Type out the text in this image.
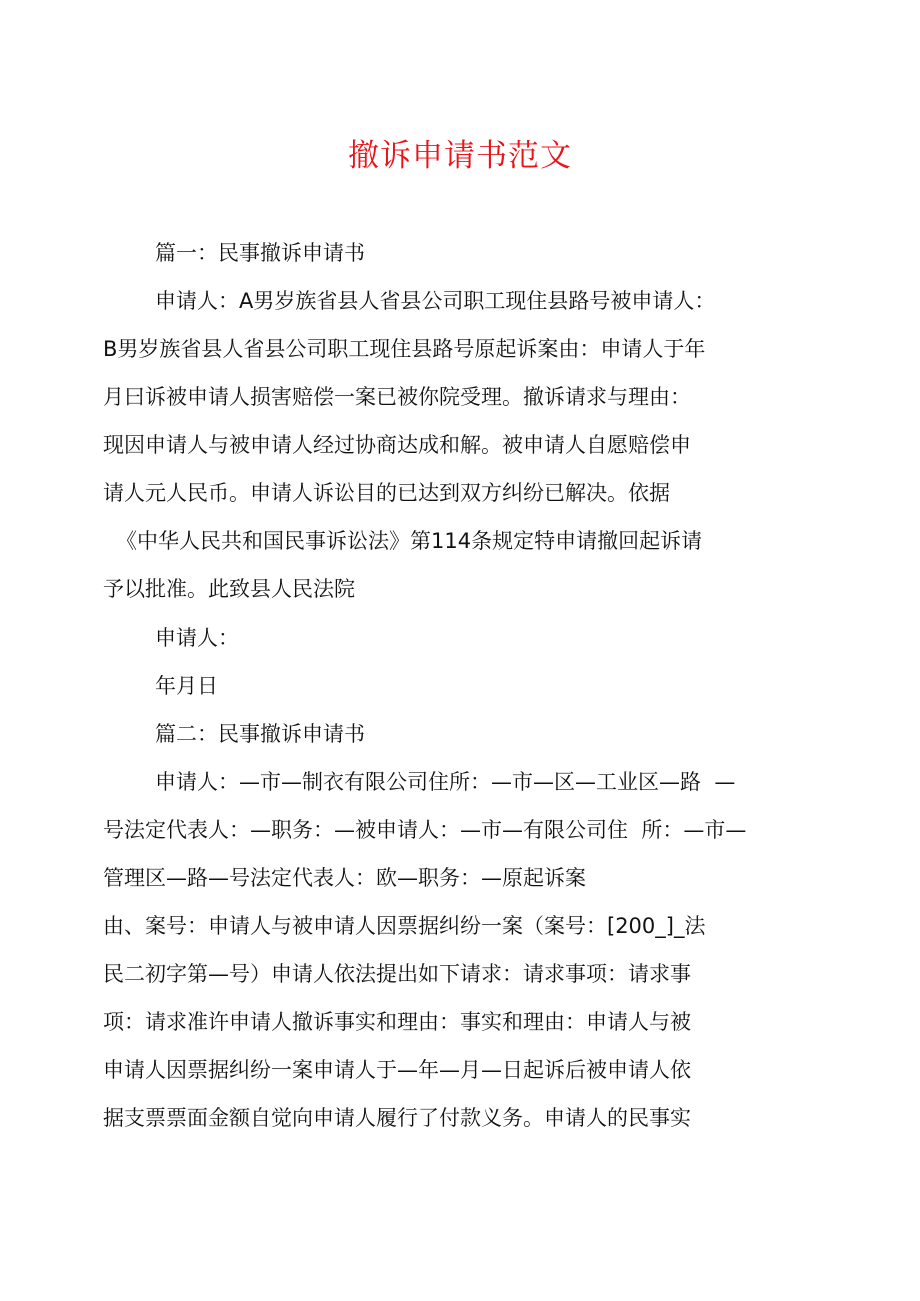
撤诉申请书范文

篇一：民事撤诉申请书

申请人：A男岁族省县人省县公司职工现住县路号被申请人：

B男岁族省县人省县公司职工现住县路号原起诉案由：申请人于年

月曰诉被申请人损害赔偿一案已被你院受理。撤诉请求与理由：

现因申请人与被申请人经过协商达成和解。被申请人自愿赔偿申

请人元人民币。申请人诉讼目的已达到双方纠纷已解决。依据

《中华人民共和国民事诉讼法》第114条规定特申请撤回起诉请

予以批准。此致县人民法院

申请人：

年月日

篇二：民事撤诉申请书

申请人：—市—制衣有限公司住所：—市—区—工业区—路  —

号法定代表人：—职务：—被申请人：—市—有限公司住  所：—市—

管理区—路—号法定代表人：欧—职务：—原起诉案

由、案号：申请人与被申请人因票据纠纷一案（案号：[200_]_法

民二初字第—号）申请人依法提出如下请求：请求事项：请求事

项：请求准许申请人撤诉事实和理由：事实和理由：申请人与被

申请人因票据纠纷一案申请人于—年—月—日起诉后被申请人依

据支票票面金额自觉向申请人履行了付款义务。申请人的民事实
